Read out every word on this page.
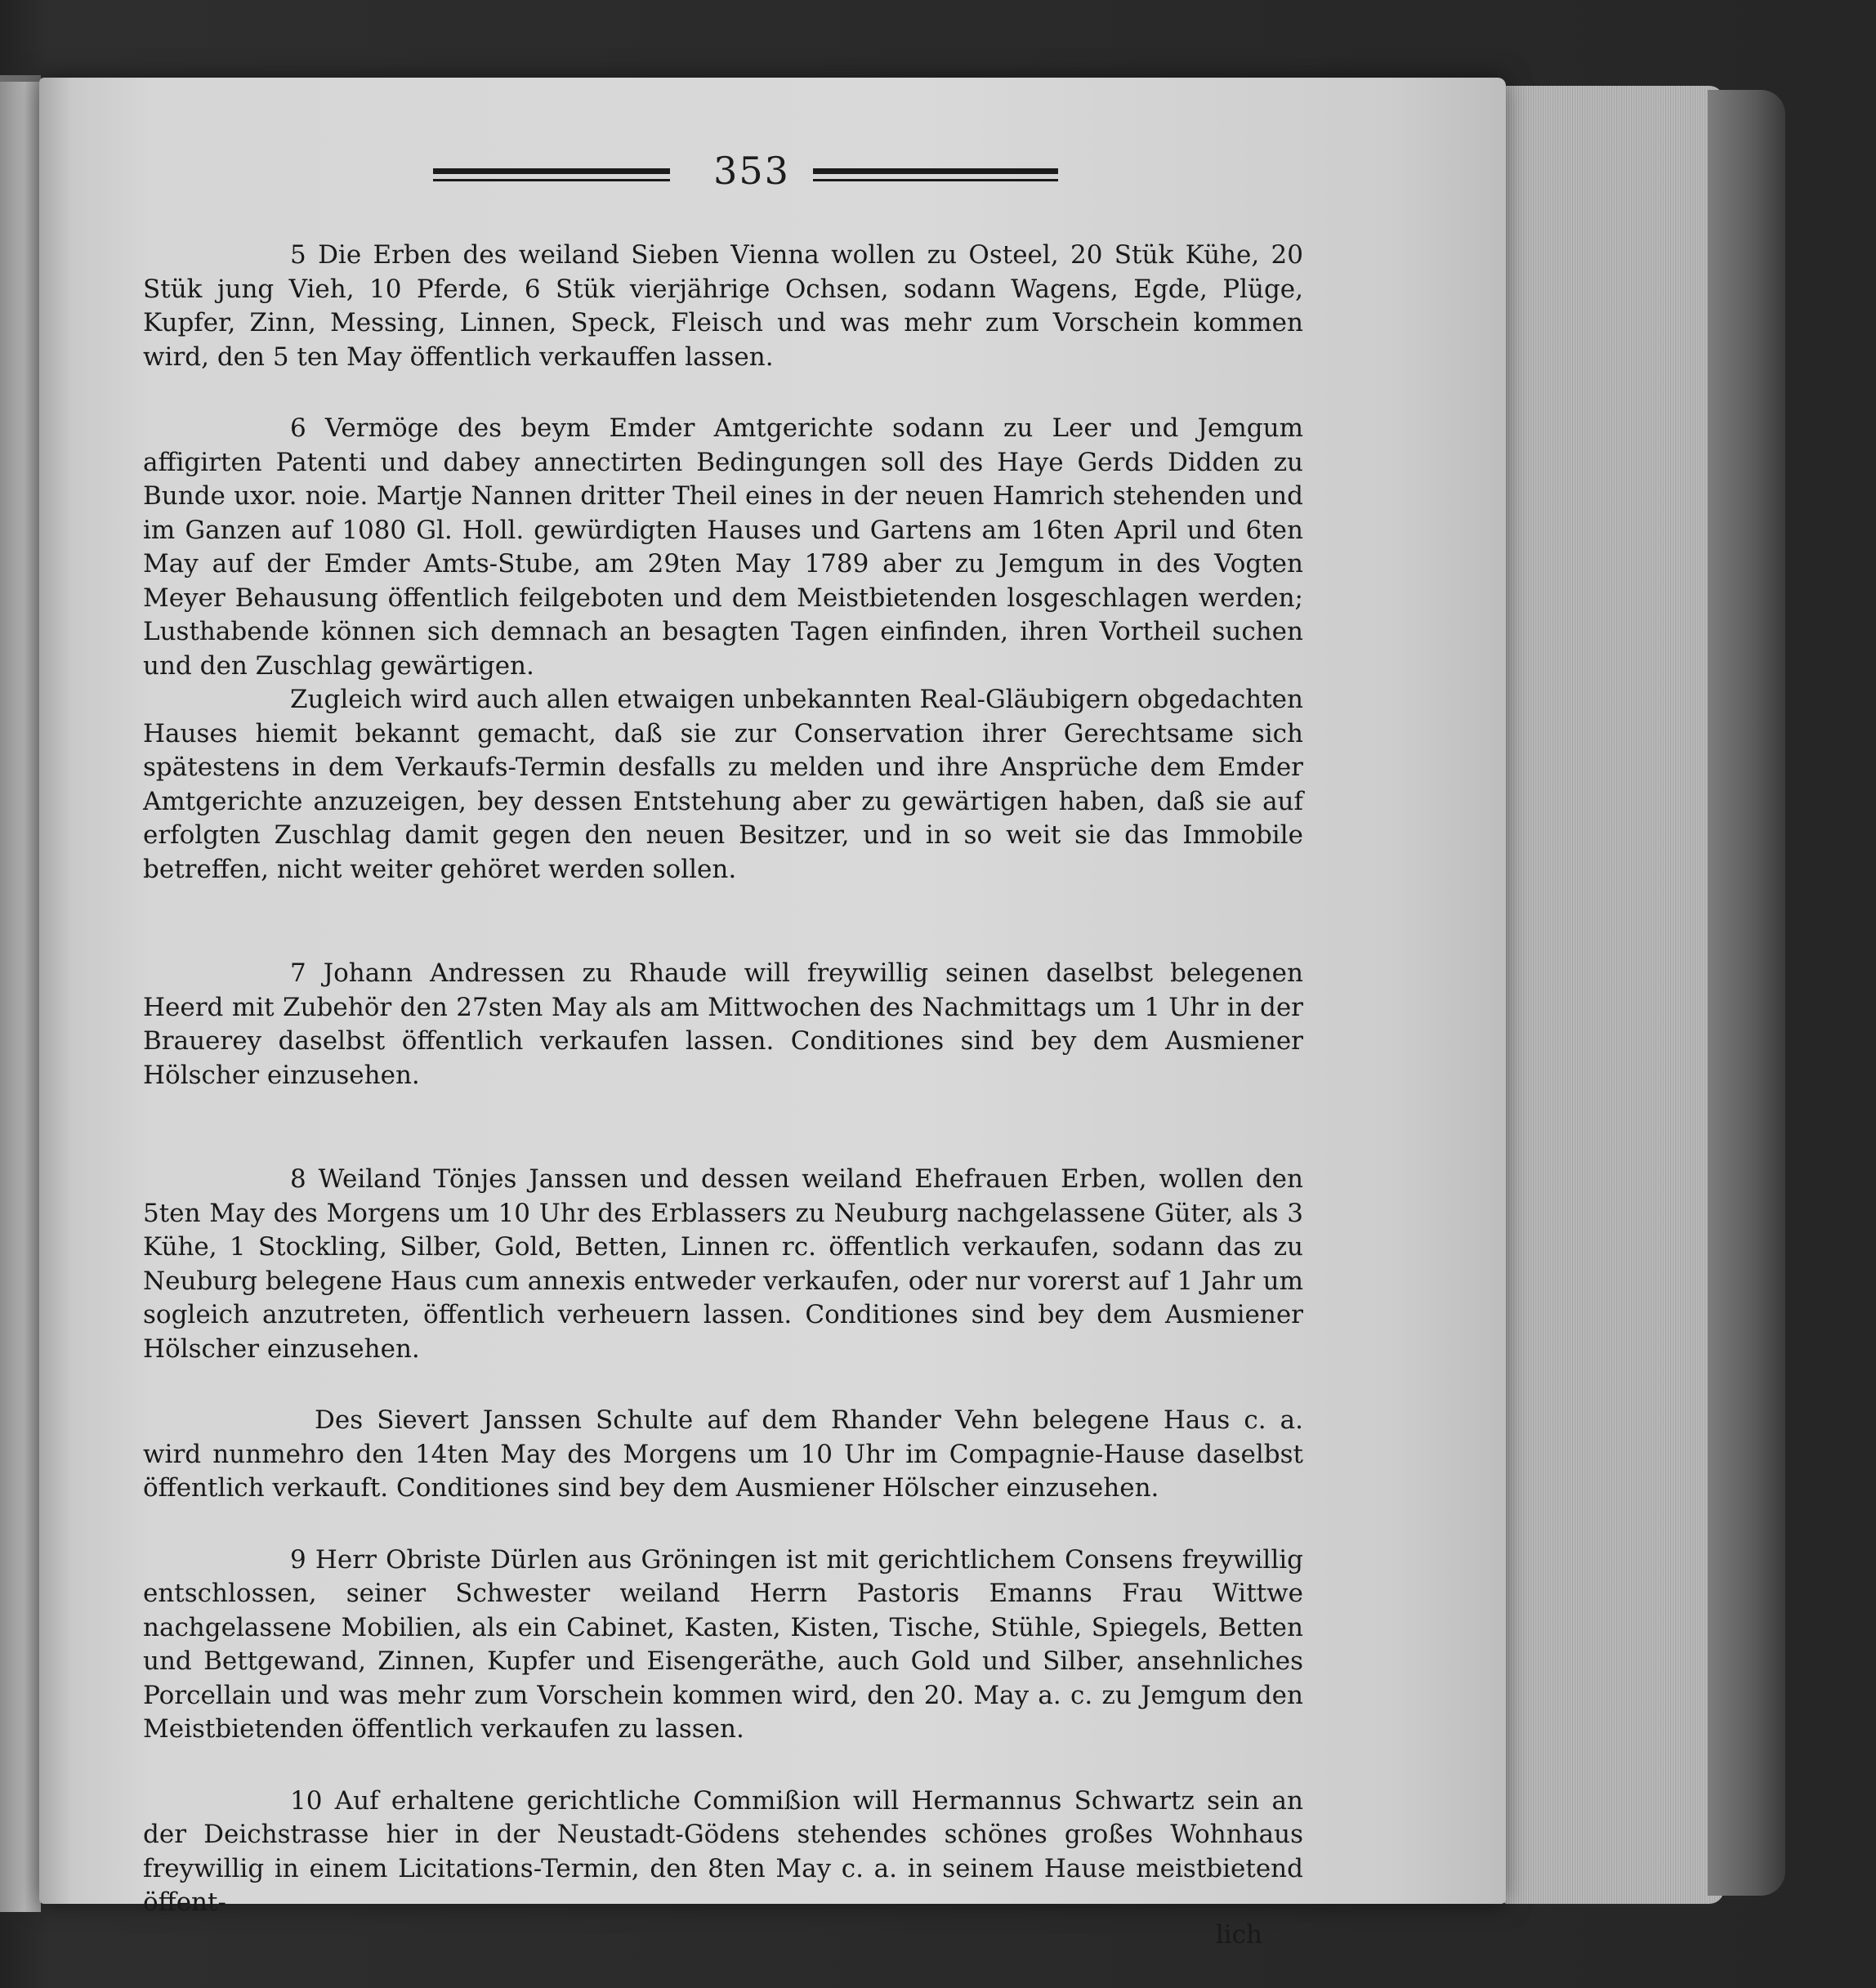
353

5 Die Erben des weiland Sieben Vienna wollen zu Osteel, 20 Stük Kühe, 20 Stük jung Vieh, 10 Pferde, 6 Stük vierjährige Ochsen, sodann Wagens, Egde, Plüge, Kupfer, Zinn, Messing, Linnen, Speck, Fleisch und was mehr zum Vorschein kommen wird, den 5 ten May öffentlich verkauffen lassen.

6 Vermöge des beym Emder Amtgerichte sodann zu Leer und Jemgum affigirten Patenti und dabey annectirten Bedingungen soll des Haye Gerds Didden zu Bunde uxor. noie. Martje Nannen dritter Theil eines in der neuen Hamrich stehenden und im Ganzen auf 1080 Gl. Holl. gewürdigten Hauses und Gartens am 16ten April und 6ten May auf der Emder Amts-Stube, am 29ten May 1789 aber zu Jemgum in des Vogten Meyer Behausung öffentlich feilgeboten und dem Meistbietenden losgeschlagen werden; Lusthabende können sich demnach an besagten Tagen einfinden, ihren Vortheil suchen und den Zuschlag gewärtigen.

Zugleich wird auch allen etwaigen unbekannten Real-Gläubigern obgedachten Hauses hiemit bekannt gemacht, daß sie zur Conservation ihrer Gerechtsame sich spätestens in dem Verkaufs-Termin desfalls zu melden und ihre Ansprüche dem Emder Amtgerichte anzuzeigen, bey dessen Entstehung aber zu gewärtigen haben, daß sie auf erfolgten Zuschlag damit gegen den neuen Besitzer, und in so weit sie das Immobile betreffen, nicht weiter gehöret werden sollen.

7 Johann Andressen zu Rhaude will freywillig seinen daselbst belegenen Heerd mit Zubehör den 27sten May als am Mittwochen des Nachmittags um 1 Uhr in der Brauerey daselbst öffentlich verkaufen lassen. Conditiones sind bey dem Ausmiener Hölscher einzusehen.

8 Weiland Tönjes Janssen und dessen weiland Ehefrauen Erben, wollen den 5ten May des Morgens um 10 Uhr des Erblassers zu Neuburg nachgelassene Güter, als 3 Kühe, 1 Stockling, Silber, Gold, Betten, Linnen rc. öffentlich verkaufen, sodann das zu Neuburg belegene Haus cum annexis entweder verkaufen, oder nur vorerst auf 1 Jahr um sogleich anzutreten, öffentlich verheuern lassen. Conditiones sind bey dem Ausmiener Hölscher einzusehen.

Des Sievert Janssen Schulte auf dem Rhander Vehn belegene Haus c. a. wird nunmehro den 14ten May des Morgens um 10 Uhr im Compagnie-Hause daselbst öffentlich verkauft. Conditiones sind bey dem Ausmiener Hölscher einzusehen.

9 Herr Obriste Dürlen aus Gröningen ist mit gerichtlichem Consens freywillig entschlossen, seiner Schwester weiland Herrn Pastoris Emanns Frau Wittwe nachgelassene Mobilien, als ein Cabinet, Kasten, Kisten, Tische, Stühle, Spiegels, Betten und Bettgewand, Zinnen, Kupfer und Eisengeräthe, auch Gold und Silber, ansehnliches Porcellain und was mehr zum Vorschein kommen wird, den 20. May a. c. zu Jemgum den Meistbietenden öffentlich verkaufen zu lassen.

10 Auf erhaltene gerichtliche Commißion will Hermannus Schwartz sein an der Deichstrasse hier in der Neustadt-Gödens stehendes schönes großes Wohnhaus freywillig in einem Licitations-Termin, den 8ten May c. a. in seinem Hause meistbietend öffent-

lich
